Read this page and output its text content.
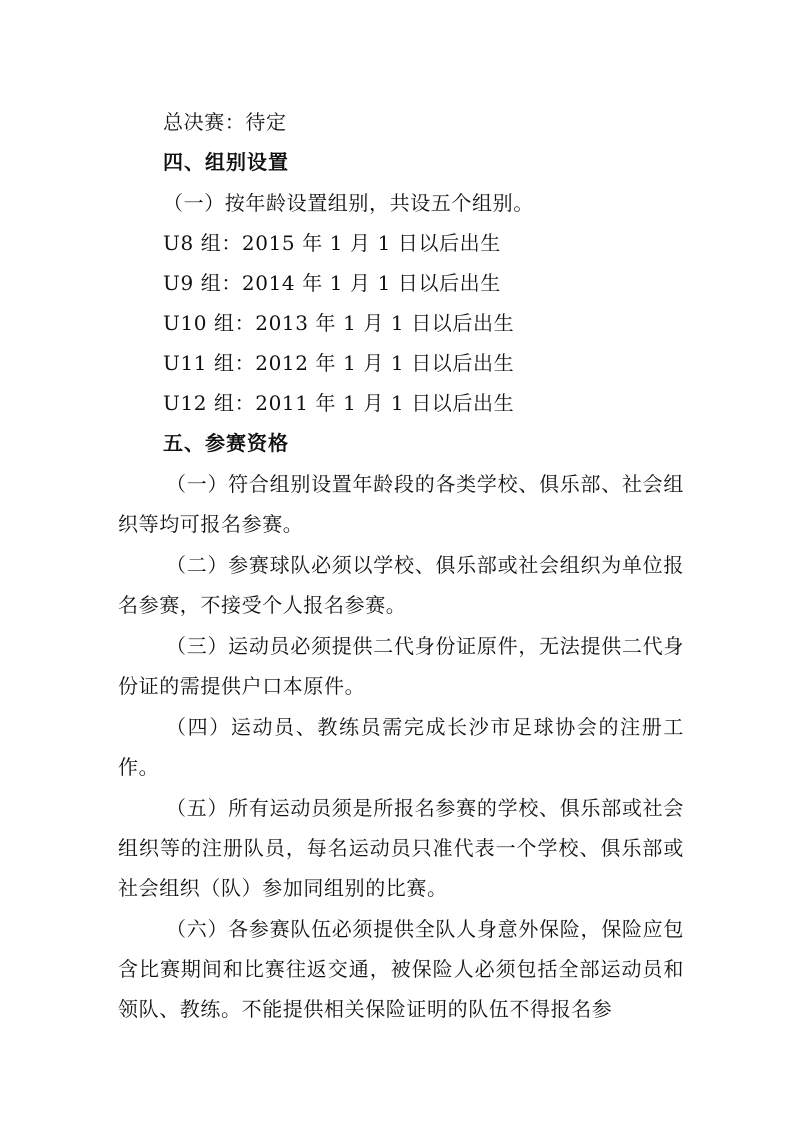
总决赛：待定
四、组别设置
（一）按年龄设置组别，共设五个组别。
U8 组：2015 年 1 月 1 日以后出生
U9 组：2014 年 1 月 1 日以后出生
U10 组：2013 年 1 月 1 日以后出生
U11 组：2012 年 1 月 1 日以后出生
U12 组：2011 年 1 月 1 日以后出生
五、参赛资格

（一）符合组别设置年龄段的各类学校、俱乐部、社会组织等均可报名参赛。

（二）参赛球队必须以学校、俱乐部或社会组织为单位报名参赛，不接受个人报名参赛。

（三）运动员必须提供二代身份证原件，无法提供二代身份证的需提供户口本原件。

（四）运动员、教练员需完成长沙市足球协会的注册工作。

（五）所有运动员须是所报名参赛的学校、俱乐部或社会组织等的注册队员，每名运动员只准代表一个学校、俱乐部或社会组织（队）参加同组别的比赛。

（六）各参赛队伍必须提供全队人身意外保险，保险应包含比赛期间和比赛往返交通，被保险人必须包括全部运动员和领队、教练。不能提供相关保险证明的队伍不得报名参
